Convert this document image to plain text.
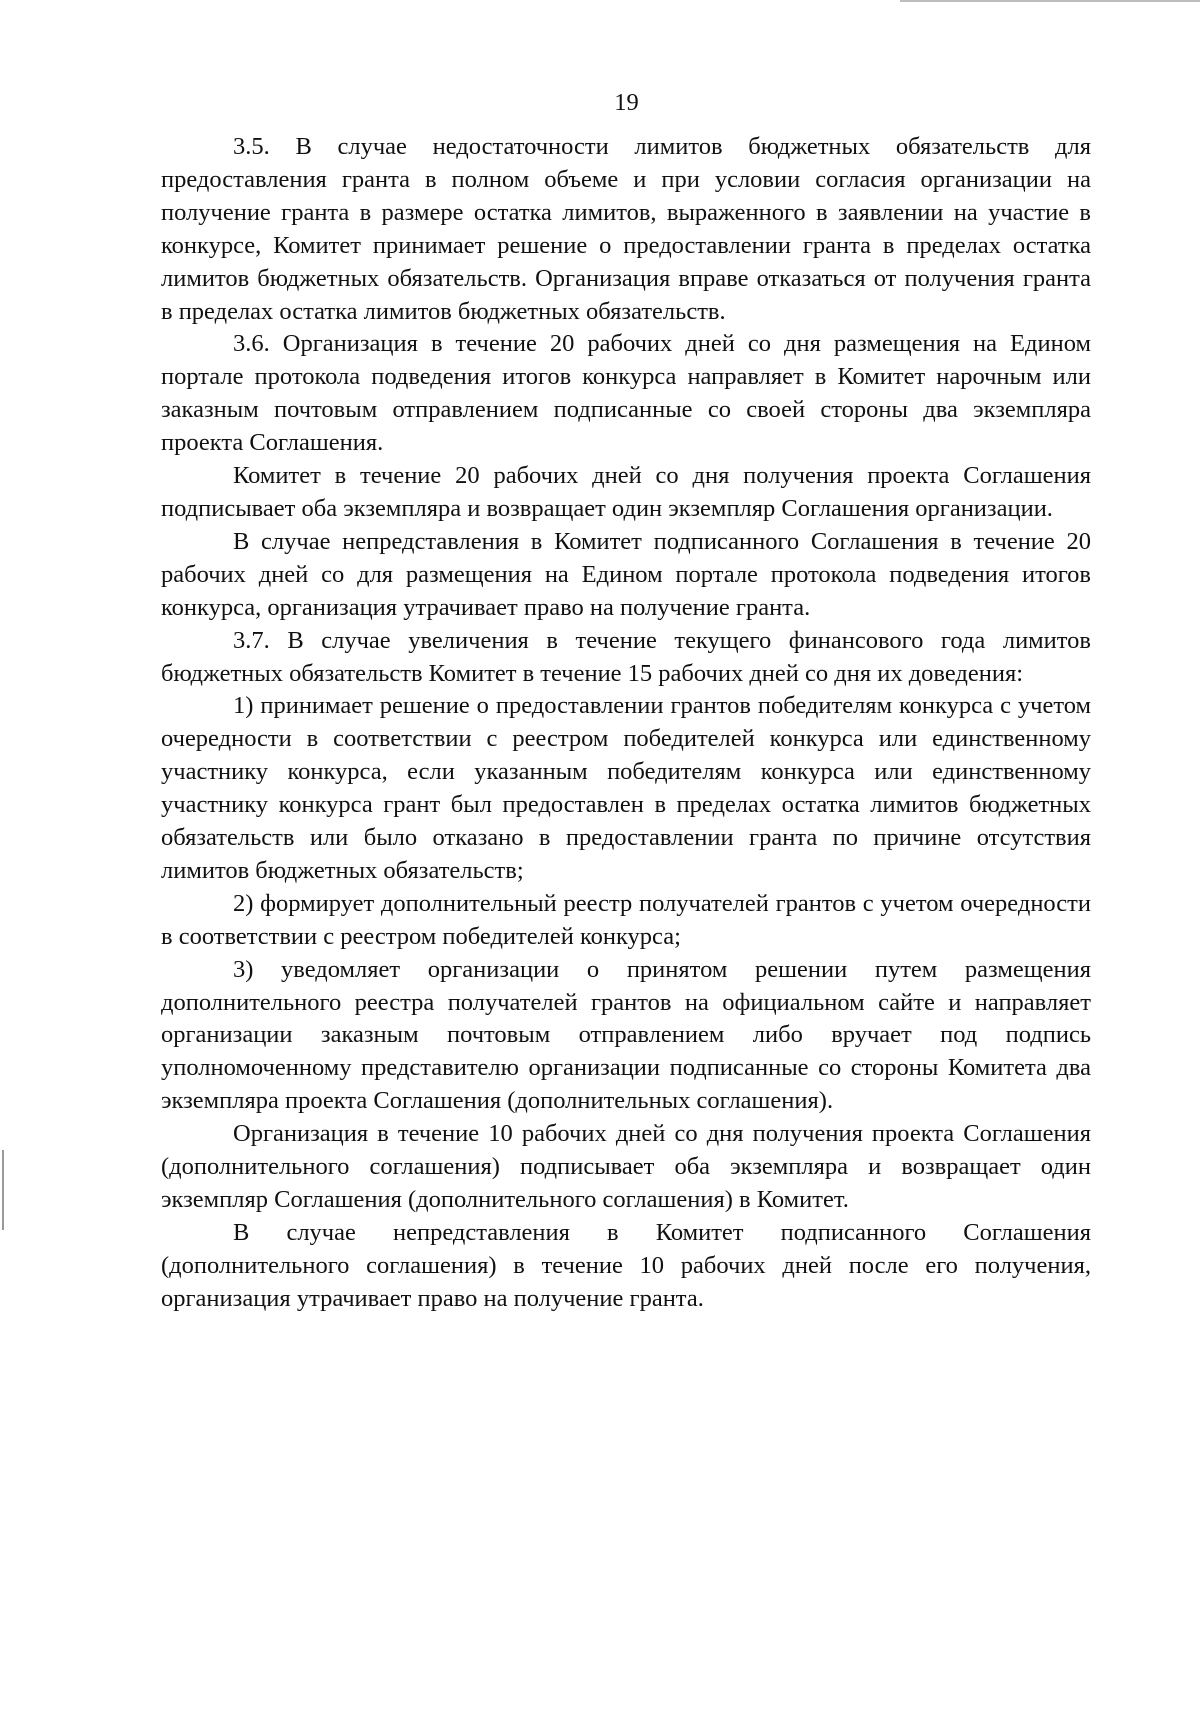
19

3.5. В случае недостаточности лимитов бюджетных обязательств для предоставления гранта в полном объеме и при условии согласия организации на получение гранта в размере остатка лимитов, выраженного в заявлении на участие в конкурсе, Комитет принимает решение о предоставлении гранта в пределах остатка лимитов бюджетных обязательств. Организация вправе отказаться от получения гранта в пределах остатка лимитов бюджетных обязательств.

3.6. Организация в течение 20 рабочих дней со дня размещения на Едином портале протокола подведения итогов конкурса направляет в Комитет нарочным или заказным почтовым отправлением подписанные со своей стороны два экземпляра проекта Соглашения.

Комитет в течение 20 рабочих дней со дня получения проекта Соглашения подписывает оба экземпляра и возвращает один экземпляр Соглашения организации.

В случае непредставления в Комитет подписанного Соглашения в течение 20 рабочих дней со для размещения на Едином портале протокола подведения итогов конкурса, организация утрачивает право на получение гранта.

3.7. В случае увеличения в течение текущего финансового года лимитов бюджетных обязательств Комитет в течение 15 рабочих дней со дня их доведения:

1) принимает решение о предоставлении грантов победителям конкурса с учетом очередности в соответствии с реестром победителей конкурса или единственному участнику конкурса, если указанным победителям конкурса или единственному участнику конкурса грант был предоставлен в пределах остатка лимитов бюджетных обязательств или было отказано в предоставлении гранта по причине отсутствия лимитов бюджетных обязательств;

2) формирует дополнительный реестр получателей грантов с учетом очередности в соответствии с реестром победителей конкурса;

3) уведомляет организации о принятом решении путем размещения дополнительного реестра получателей грантов на официальном сайте и направляет организации заказным почтовым отправлением либо вручает под подпись уполномоченному представителю организации подписанные со стороны Комитета два экземпляра проекта Соглашения (дополнительных соглашения).

Организация в течение 10 рабочих дней со дня получения проекта Соглашения (дополнительного соглашения) подписывает оба экземпляра и возвращает один экземпляр Соглашения (дополнительного соглашения) в Комитет.

В случае непредставления в Комитет подписанного Соглашения (дополнительного соглашения) в течение 10 рабочих дней после его получения, организация утрачивает право на получение гранта.
